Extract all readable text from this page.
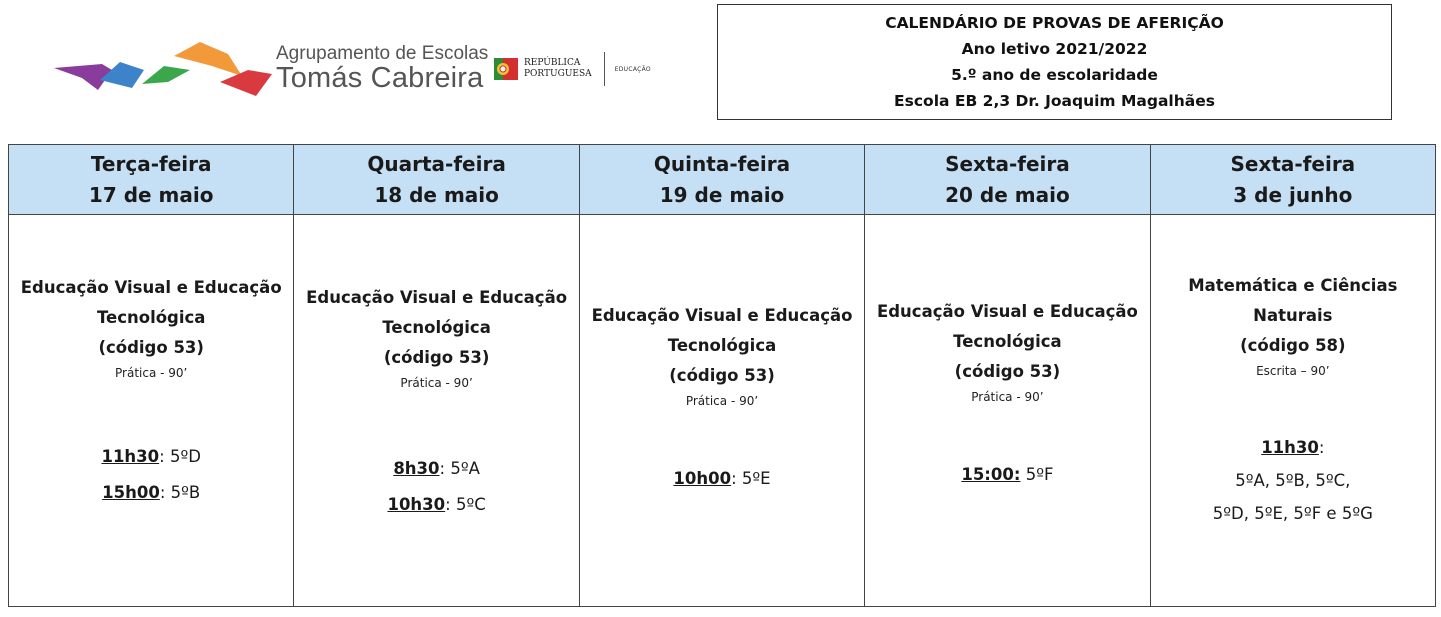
Agrupamento de Escolas
Tomás Cabreira	REPÚBLICA
PORTUGUESA	EDUCAÇÃO
CALENDÁRIO DE PROVAS DE AFERIÇÃO
Ano letivo 2021/2022
5.º ano de escolaridade
Escola EB 2,3 Dr. Joaquim Magalhães
Terça-feira
17 de maio
Educação Visual e Educação
Tecnológica
(código 53)
Prática - 90’
11h30: 5ºD
15h00: 5ºB
Quarta-feira
18 de maio
Educação Visual e Educação
Tecnológica
(código 53)
Prática - 90’
8h30: 5ºA
10h30: 5ºC
Quinta-feira
19 de maio
Educação Visual e Educação
Tecnológica
(código 53)
Prática - 90’
10h00: 5ºE
Sexta-feira
20 de maio
Educação Visual e Educação
Tecnológica
(código 53)
Prática - 90’
15:00: 5ºF
Sexta-feira
3 de junho
Matemática e Ciências
Naturais
(código 58)
Escrita – 90’
11h30:
5ºA, 5ºB, 5ºC,
5ºD, 5ºE, 5ºF e 5ºG
